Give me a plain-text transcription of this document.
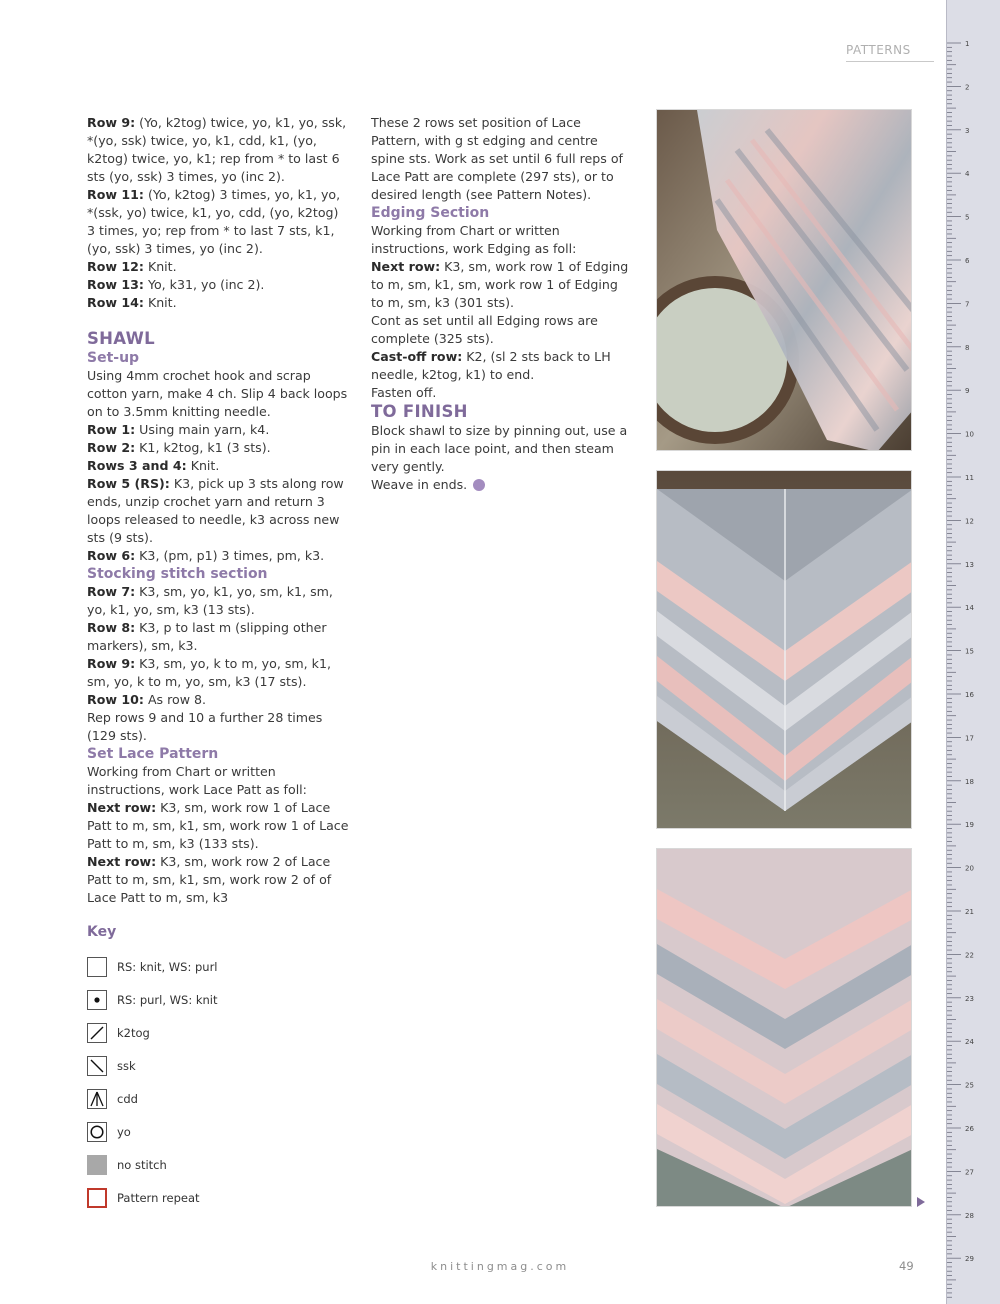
PATTERNS

Row 9: (Yo, k2tog) twice, yo, k1, yo, ssk, *(yo, ssk) twice, yo, k1, cdd, k1, (yo, k2tog) twice, yo, k1; rep from * to last 6 sts (yo, ssk) 3 times, yo (inc 2).

Row 11: (Yo, k2tog) 3 times, yo, k1, yo, *(ssk, yo) twice, k1, yo, cdd, (yo, k2tog) 3 times, yo; rep from * to last 7 sts, k1, (yo, ssk) 3 times, yo (inc 2).

Row 12: Knit.

Row 13: Yo, k31, yo (inc 2).

Row 14: Knit.

SHAWL

Set-up

Using 4mm crochet hook and scrap cotton yarn, make 4 ch. Slip 4 back loops on to 3.5mm knitting needle.

Row 1: Using main yarn, k4.

Row 2: K1, k2tog, k1 (3 sts).

Rows 3 and 4: Knit.

Row 5 (RS): K3, pick up 3 sts along row ends, unzip crochet yarn and return 3 loops released to needle, k3 across new sts (9 sts).

Row 6: K3, (pm, p1) 3 times, pm, k3.

Stocking stitch section

Row 7: K3, sm, yo, k1, yo, sm, k1, sm, yo, k1, yo, sm, k3 (13 sts).

Row 8: K3, p to last m (slipping other markers), sm, k3.

Row 9: K3, sm, yo, k to m, yo, sm, k1, sm, yo, k to m, yo, sm, k3 (17 sts).

Row 10: As row 8.

Rep rows 9 and 10 a further 28 times (129 sts).

Set Lace Pattern

Working from Chart or written instructions, work Lace Patt as foll:

Next row: K3, sm, work row 1 of Lace Patt to m, sm, k1, sm, work row 1 of Lace Patt to m, sm, k3 (133 sts).

Next row: K3, sm, work row 2 of Lace Patt to m, sm, k1, sm, work row 2 of of Lace Patt to m, sm, k3

These 2 rows set position of Lace Pattern, with g st edging and centre spine sts. Work as set until 6 full reps of Lace Patt are complete (297 sts), or to desired length (see Pattern Notes).

Edging Section

Working from Chart or written instructions, work Edging as foll:

Next row: K3, sm, work row 1 of Edging to m, sm, k1, sm, work row 1 of Edging to m, sm, k3 (301 sts).

Cont as set until all Edging rows are complete (325 sts).

Cast-off row: K2, (sl 2 sts back to LH needle, k2tog, k1) to end.

Fasten off.

TO FINISH

Block shawl to size by pinning out, use a pin in each lace point, and then steam very gently.

Weave in ends.

Key
RS: knit, WS: purl
RS: purl, WS: knit
k2tog
ssk
cdd
yo
no stitch
Pattern repeat
1
2
3
4
5
6
7
8
9
10
11
12
13
14
15
16
17
18
19
20
21
22
23
24
25
26
27
28
29
knittingmag.com	49
